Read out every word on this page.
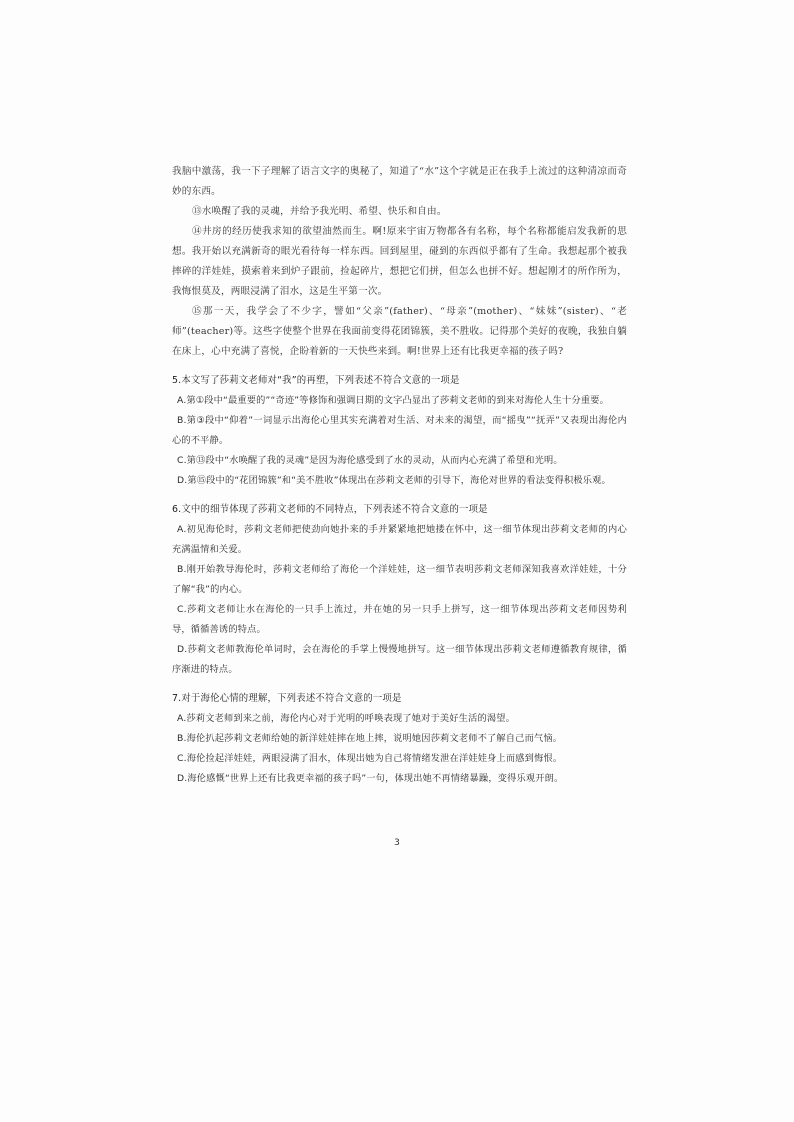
我脑中激荡，我一下子理解了语言文字的奥秘了，知道了“水”这个字就是正在我手上流过的这种清凉而奇妙的东西。

⑬水唤醒了我的灵魂，并给予我光明、希望、快乐和自由。

⑭井房的经历使我求知的欲望油然而生。啊!原来宇宙万物都各有名称，每个名称都能启发我新的思想。我开始以充满新奇的眼光看待每一样东西。回到屋里，碰到的东西似乎都有了生命。我想起那个被我摔碎的洋娃娃，摸索着来到炉子跟前，捡起碎片，想把它们拼，但怎么也拼不好。想起刚才的所作所为，我悔恨莫及，两眼浸满了泪水，这是生平第一次。

⑮那一天，我学会了不少字，譬如“父亲”(father)、“母亲”(mother)、“妹妹”(sister)、“老师”(teacher)等。这些字使整个世界在我面前变得花团锦簇，美不胜收。记得那个美好的夜晚，我独自躺在床上，心中充满了喜悦，企盼着新的一天快些来到。啊!世界上还有比我更幸福的孩子吗?

5.本文写了莎莉文老师对“我”的再塑，下列表述不符合文意的一项是

A.第①段中“最重要的”“奇迹”等修饰和强调日期的文字凸显出了莎莉文老师的到来对海伦人生十分重要。

B.第③段中“仰着”一词显示出海伦心里其实充满着对生活、对未来的渴望，而“摇曳”“抚弄”又表现出海伦内心的不平静。

C.第⑬段中“水唤醒了我的灵魂”是因为海伦感受到了水的灵动，从而内心充满了希望和光明。

D.第⑮段中的“花团锦簇”和“美不胜收”体现出在莎莉文老师的引导下，海伦对世界的看法变得积极乐观。

6.文中的细节体现了莎莉文老师的不同特点，下列表述不符合文意的一项是

A.初见海伦时，莎莉文老师把使劲向她扑来的手并紧紧地把她搂在怀中，这一细节体现出莎莉文老师的内心充满温情和关爱。

B.刚开始教导海伦时，莎莉文老师给了海伦一个洋娃娃，这一细节表明莎莉文老师深知我喜欢洋娃娃，十分了解“我”的内心。

C.莎莉文老师让水在海伦的一只手上流过，并在她的另一只手上拼写，这一细节体现出莎莉文老师因势利导，循循善诱的特点。

D.莎莉文老师教海伦单词时，会在海伦的手掌上慢慢地拼写。这一细节体现出莎莉文老师遵循教育规律，循序渐进的特点。

7.对于海伦心情的理解，下列表述不符合文意的一项是

A.莎莉文老师到来之前，海伦内心对于光明的呼唤表现了她对于美好生活的渴望。

B.海伦扒起莎莉文老师给她的新洋娃娃摔在地上摔，说明她因莎莉文老师不了解自己而气恼。

C.海伦捡起洋娃娃，两眼浸满了泪水，体现出她为自己将情绪发泄在洋娃娃身上而感到悔恨。

D.海伦感慨“世界上还有比我更幸福的孩子吗”一句，体现出她不再情绪暴躁，变得乐观开朗。

3
